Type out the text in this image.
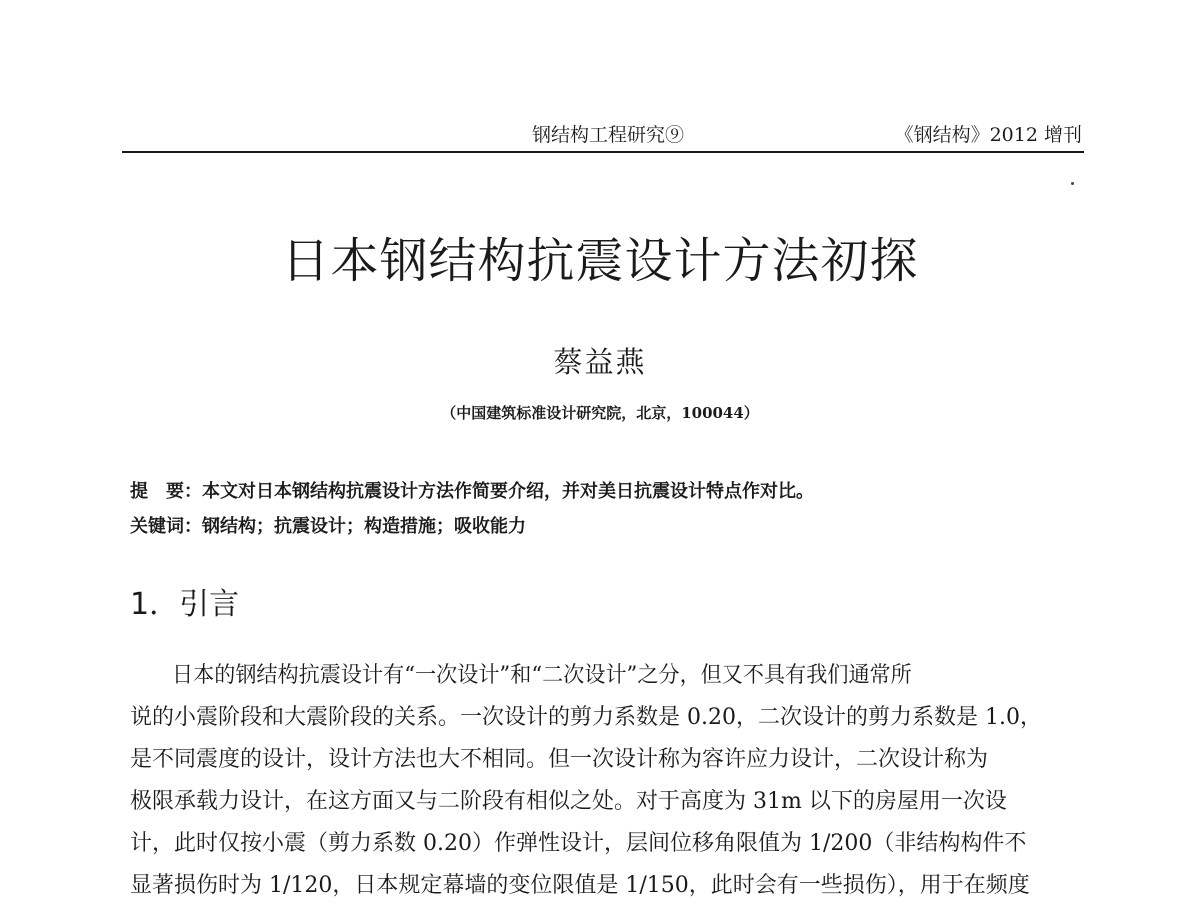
钢结构工程研究⑨	《钢结构》2012 增刊
日本钢结构抗震设计方法初探
蔡益燕
（中国建筑标准设计研究院，北京，100044）
提　要：本文对日本钢结构抗震设计方法作简要介绍，并对美日抗震设计特点作对比。
关键词：钢结构；抗震设计；构造措施；吸收能力
1．引言
日本的钢结构抗震设计有“一次设计”和“二次设计”之分，但又不具有我们通常所
说的小震阶段和大震阶段的关系。一次设计的剪力系数是 0.20，二次设计的剪力系数是 1.0，
是不同震度的设计，设计方法也大不相同。但一次设计称为容许应力设计，二次设计称为
极限承载力设计，在这方面又与二阶段有相似之处。对于高度为 31m 以下的房屋用一次设
计，此时仅按小震（剪力系数 0.20）作弹性设计，层间位移角限值为 1/200（非结构构件不
显著损伤时为 1/120，日本规定幕墙的变位限值是 1/150，此时会有一些损伤），用于在频度
